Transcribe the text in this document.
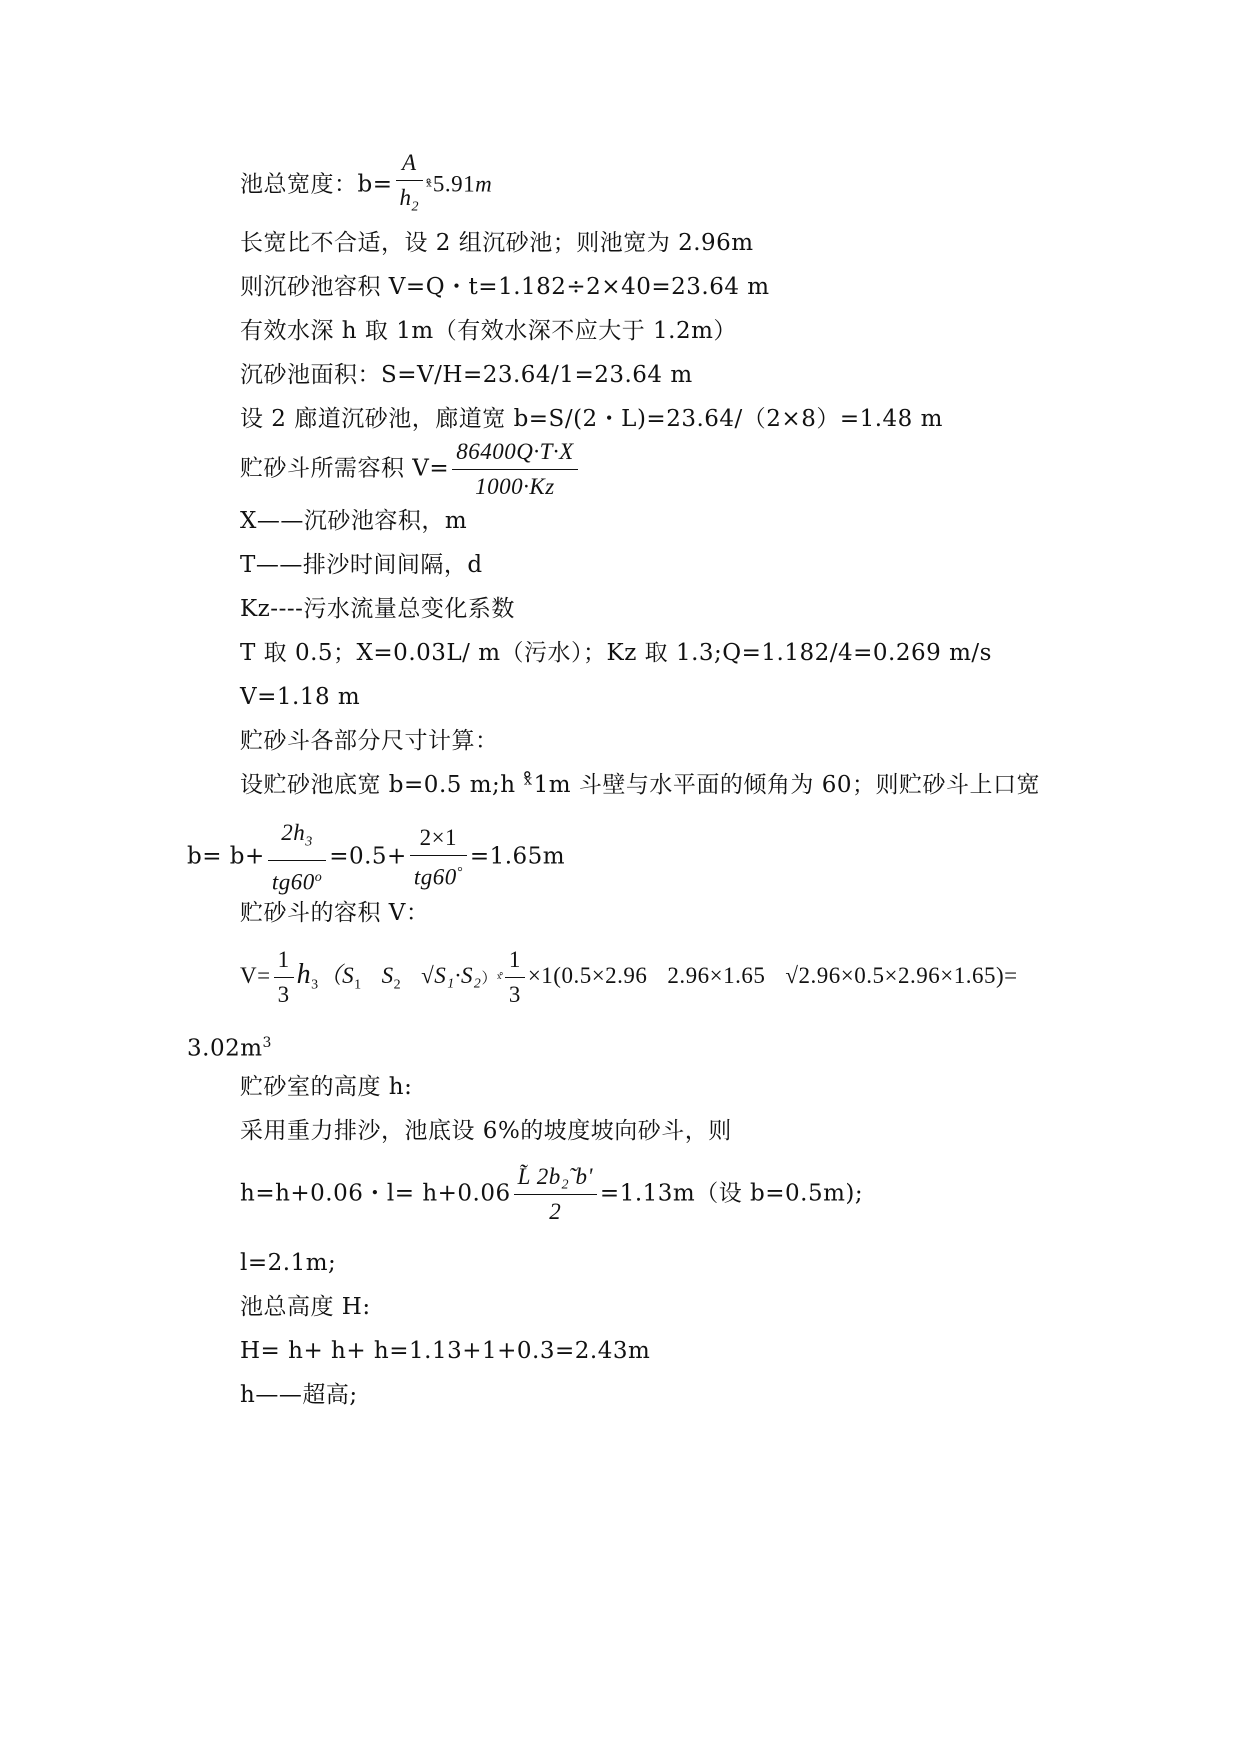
池总宽度：$b= \frac{A}{h_2}$ ˣ̊5.91m
长宽比不合适，设 2 组沉砂池；则池宽为 2.96m
则沉砂池容积 V=Q・t=1.182÷2×40=23.64 m
有效水深 h 取 1m（有效水深不应大于 1.2m）
沉砂池面积：S=V/H=23.64/1=23.64 m
设 2 廊道沉砂池，廊道宽 b=S/(2・L)=23.64/（2×8）=1.48 m
贮砂斗所需容积 $V= \frac{86400Q\cdot T\cdot X}{1000\cdot Kz}$
X——沉砂池容积，m
T——排沙时间间隔，d
Kz----污水流量总变化系数
T 取 0.5；X=0.03L/ m（污水）；Kz 取 1.3;Q=1.182/4=0.269 m/s
V=1.18 m
贮砂斗各部分尺寸计算：
设贮砂池底宽 b=0.5 m;h ˣ̊1m 斗壁与水平面的倾角为 60；则贮砂斗上口宽
$b= b+ \frac{2h_3}{tg60^o} =0.5+ \frac{2\times 1}{tg60^\circ} =1.65m$
贮砂斗的容积 V：
$V= \frac{1}{3} h_3(S_1$ $S_2$ √S₁·S₂）ˣ̊ $\frac{1}{3} \times 1(0.5\times 2.96$ 2.96×1.65 √2.96×0.5×2.96×1.65)=
$3.02m^3$
贮砂室的高度 h:
采用重力排沙，池底设 6%的坡度坡向砂斗，则
h=h+0.06・$l= h+0.06 \frac{\text{L̃ 2b₂̃ b'}}{2} =1.13m$（设 b=0.5m);
l=2.1m;
池总高度 H:
H= h+ h+ h=1.13+1+0.3=2.43m
h——超高;
